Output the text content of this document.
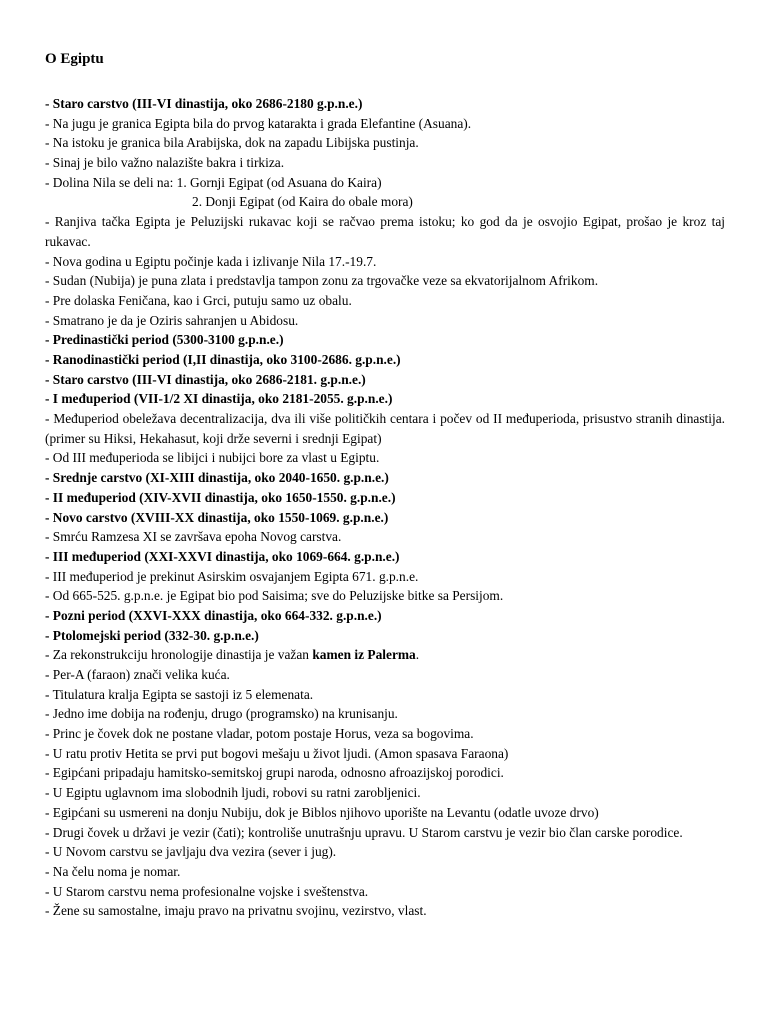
O Egiptu
- Staro carstvo (III-VI dinastija, oko 2686-2180 g.p.n.e.)
- Na jugu je granica Egipta bila do prvog katarakta i grada Elefantine (Asuana).
- Na istoku je granica bila Arabijska, dok na zapadu Libijska pustinja.
- Sinaj je bilo važno nalazište bakra i tirkiza.
- Dolina Nila se deli na: 1. Gornji Egipat (od Asuana do Kaira)
2. Donji Egipat (od Kaira do obale mora)
- Ranjiva tačka Egipta je Peluzijski rukavac koji se račvao prema istoku; ko god da je osvojio Egipat, prošao je kroz taj rukavac.
- Nova godina u Egiptu počinje kada i izlivanje Nila 17.-19.7.
- Sudan (Nubija) je puna zlata i predstavlja tampon zonu za trgovačke veze sa ekvatorijalnom Afrikom.
- Pre dolaska Feničana, kao i Grci, putuju samo uz obalu.
- Smatrano je da je Oziris sahranjen u Abidosu.
- Predinastički period (5300-3100 g.p.n.e.)
- Ranodinastički period (I,II dinastija, oko 3100-2686. g.p.n.e.)
- Staro carstvo (III-VI dinastija, oko 2686-2181. g.p.n.e.)
- I međuperiod (VII-1/2 XI dinastija, oko 2181-2055. g.p.n.e.)
- Međuperiod obeležava decentralizacija, dva ili više političkih centara i počev od II međuperioda, prisustvo stranih dinastija. (primer su Hiksi, Hekahasut, koji drže severni i srednji Egipat)
- Od III međuperioda se libijci i nubijci bore za vlast u Egiptu.
- Srednje carstvo (XI-XIII dinastija, oko 2040-1650. g.p.n.e.)
- II međuperiod (XIV-XVII dinastija, oko 1650-1550. g.p.n.e.)
- Novo carstvo (XVIII-XX dinastija, oko 1550-1069. g.p.n.e.)
- Smrću Ramzesa XI se završava epoha Novog carstva.
- III međuperiod (XXI-XXVI dinastija, oko 1069-664. g.p.n.e.)
- III međuperiod je prekinut Asirskim osvajanjem Egipta 671. g.p.n.e.
- Od 665-525. g.p.n.e. je Egipat bio pod Saisima; sve do Peluzijske bitke sa Persijom.
- Pozni period (XXVI-XXX dinastija, oko 664-332. g.p.n.e.)
- Ptolomejski period (332-30. g.p.n.e.)
- Za rekonstrukciju hronologije dinastija je važan kamen iz Palerma.
- Per-A (faraon) znači velika kuća.
- Titulatura kralja Egipta se sastoji iz 5 elemenata.
- Jedno ime dobija na rođenju, drugo (programsko) na krunisanju.
- Princ je čovek dok ne postane vladar, potom postaje Horus, veza sa bogovima.
- U ratu protiv Hetita se prvi put bogovi mešaju u život ljudi. (Amon spasava Faraona)
- Egipćani pripadaju hamitsko-semitskoj grupi naroda, odnosno afroazijskoj porodici.
- U Egiptu uglavnom ima slobodnih ljudi, robovi su ratni zarobljenici.
- Egipćani su usmereni na donju Nubiju, dok je Biblos njihovo uporište na Levantu (odatle uvoze drvo)
- Drugi čovek u državi je vezir (čati); kontroliše unutrašnju upravu. U Starom carstvu je vezir bio član carske porodice.
- U Novom carstvu se javljaju dva vezira (sever i jug).
- Na čelu noma je nomar.
- U Starom carstvu nema profesionalne vojske i sveštenstva.
- Žene su samostalne, imaju pravo na privatnu svojinu, vezirstvo, vlast.
